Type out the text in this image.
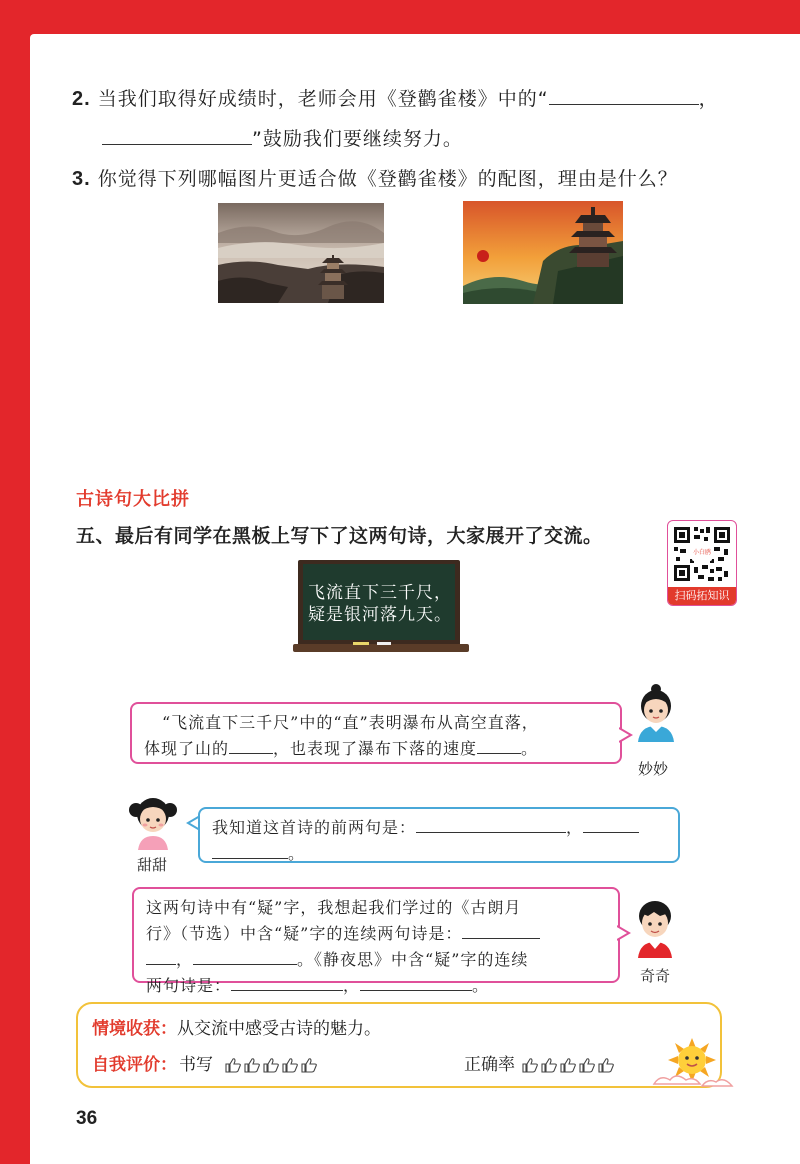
2. 当我们取得好成绩时，老师会用《登鹳雀楼》中的“	，
”鼓励我们要继续努力。
3. 你觉得下列哪幅图片更适合做《登鹳雀楼》的配图，理由是什么？
古诗句大比拼
五、最后有同学在黑板上写下了这两句诗，大家展开了交流。
小白鸥
扫码拓知识
飞流直下三千尺，
疑是银河落九天。
“飞流直下三千尺”中的“直”表明瀑布从高空直落，
体现了山的	，也表现了瀑布下落的速度	。
妙妙
甜甜
我知道这首诗的前两句是：	，
。
这两句诗中有“疑”字，我想起我们学过的《古朗月
行》（节选）中含“疑”字的连续两句诗是：
，	。《静夜思》中含“疑”字的连续
两句诗是：	，	。	奇奇
情境收获：从交流中感受古诗的魅力。
自我评价： 书写	正确率
36
